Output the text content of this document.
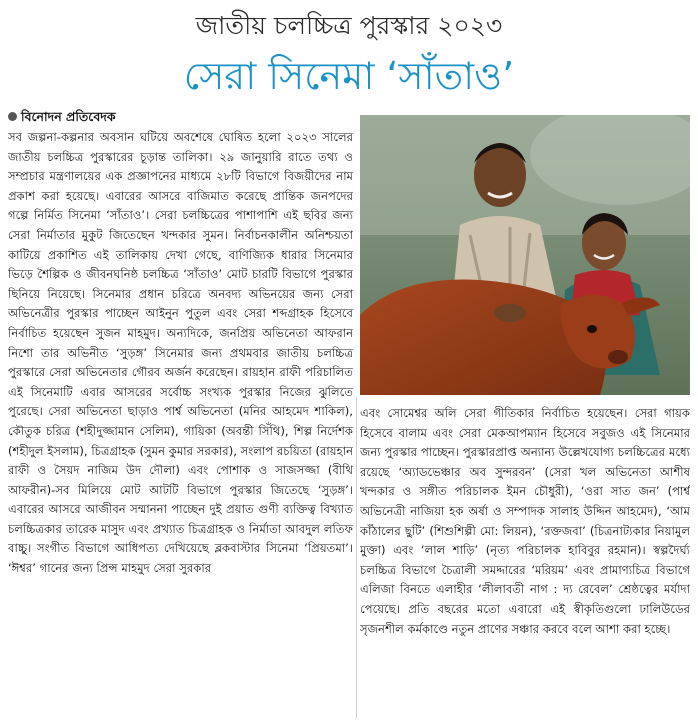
জাতীয় চলচ্চিত্র পুরস্কার ২০২৩
সেরা সিনেমা ‘সাঁতাও’
বিনোদন প্রতিবেদক

সব জল্পনা-কল্পনার অবসান ঘটিয়ে অবশেষে ঘোষিত হলো ২০২৩ সালের জাতীয় চলচ্চিত্র পুরস্কারের চূড়ান্ত তালিকা। ২৯ জানুয়ারি রাতে তথ্য ও সম্প্রচার মন্ত্রণালয়ের এক প্রজ্ঞাপনের মাধ্যমে ২৮টি বিভাগে বিজয়ীদের নাম প্রকাশ করা হয়েছে। এবারের আসরে বাজিমাত করেছে প্রান্তিক জনপদের গল্পে নির্মিত সিনেমা ‘সাঁতাও’। সেরা চলচ্চিত্রের পাশাপাশি এই ছবির জন্য সেরা নির্মাতার মুকুট জিতেছেন খন্দকার সুমন। নির্বাচনকালীন অনিশ্চয়তা কাটিয়ে প্রকাশিত এই তালিকায় দেখা গেছে, বাণিজ্যিক ধারার সিনেমার ভিড়ে শৈল্পিক ও জীবনঘনিষ্ঠ চলচ্চিত্র ‘সাঁতাও’ মোট চারটি বিভাগে পুরস্কার ছিনিয়ে নিয়েছে। সিনেমার প্রধান চরিত্রে অনবদ্য অভিনয়ের জন্য সেরা অভিনেত্রীর পুরস্কার পাচ্ছেন আইনুন পুতুল এবং সেরা শব্দগ্রাহক হিসেবে নির্বাচিত হয়েছেন সুজন মাহমুদ। অন্যদিকে, জনপ্রিয় অভিনেতা আফরান নিশো তার অভিনীত ‘সুড়ঙ্গ’ সিনেমার জন্য প্রথমবার জাতীয় চলচ্চিত্র পুরস্কারে সেরা অভিনেতার গৌরব অর্জন করেছেন। রায়হান রাফী পরিচালিত এই সিনেমাটি এবার আসরের সর্বোচ্চ সংখ্যক পুরস্কার নিজের ঝুলিতে পুরেছে। সেরা অভিনেতা ছাড়াও পার্শ্ব অভিনেতা (মনির আহমেদ শাকিল), কৌতুক চরিত্র (শহীদুজ্জামান সেলিম), গায়িকা (অবন্তী সিঁথি), শিল্প নির্দেশক (শহীদুল ইসলাম), চিত্রগ্রাহক (সুমন কুমার সরকার), সংলাপ রচয়িতা (রায়হান রাফী ও সৈয়দ নাজিম উদ দৌলা) এবং পোশাক ও সাজসজ্জা (বীথি আফরীন)-সব মিলিয়ে মোট আটটি বিভাগে পুরস্কার জিতেছে ‘সুড়ঙ্গ’। এবারের আসরে আজীবন সম্মাননা পাচ্ছেন দুই প্রয়াত গুণী ব্যক্তিত্ব বিখ্যাত চলচ্চিত্রকার তারেক মাসুদ এবং প্রখ্যাত চিত্রগ্রাহক ও নির্মাতা আবদুল লতিফ বাচ্চু। সংগীত বিভাগে আধিপত্য দেখিয়েছে ব্লকবাস্টার সিনেমা ‘প্রিয়তমা’। ‘ঈশ্বর’ গানের জন্য প্রিন্স মাহমুদ সেরা সুরকার

এবং সোমেশ্বর অলি সেরা গীতিকার নির্বাচিত হয়েছেন। সেরা গায়ক হিসেবে বালাম এবং সেরা মেকআপম্যান হিসেবে সবুজও এই সিনেমার জন্য পুরস্কার পাচ্ছেন। পুরস্কারপ্রাপ্ত অন্যান্য উল্লেখযোগ্য চলচ্চিত্রের মধ্যে রয়েছে ‘অ্যাডভেঞ্চার অব সুন্দরবন’ (সেরা খল অভিনেতা আশীষ খন্দকার ও সঙ্গীত পরিচালক ইমন চৌধুরী), ‘ওরা সাত জন’ (পার্শ্ব অভিনেত্রী নাজিয়া হক অর্ষা ও সম্পাদক সালাহ উদ্দিন আহমেদ), ‘আম কাঁঠালের ছুটি’ (শিশুশিল্পী মো: লিয়ন), ‘রক্তজবা’ (চিত্রনাট্যকার নিয়ামুল মুক্তা) এবং ‘লাল শাড়ি’ (নৃত্য পরিচালক হাবিবুর রহমান)। স্বল্পদৈর্ঘ্য চলচ্চিত্র বিভাগে চৈত্রালী সমদ্দারের ‘মরিয়ম’ এবং প্রামাণ্যচিত্র বিভাগে এলিজা বিনতে এলাহীর ‘লীলাবতী নাগ : দ্য রেবেল’ শ্রেষ্ঠত্বের মর্যাদা পেয়েছে। প্রতি বছরের মতো এবারো এই স্বীকৃতিগুলো ঢালিউডের সৃজনশীল কর্মকাণ্ডে নতুন প্রাণের সঞ্চার করবে বলে আশা করা হচ্ছে।
